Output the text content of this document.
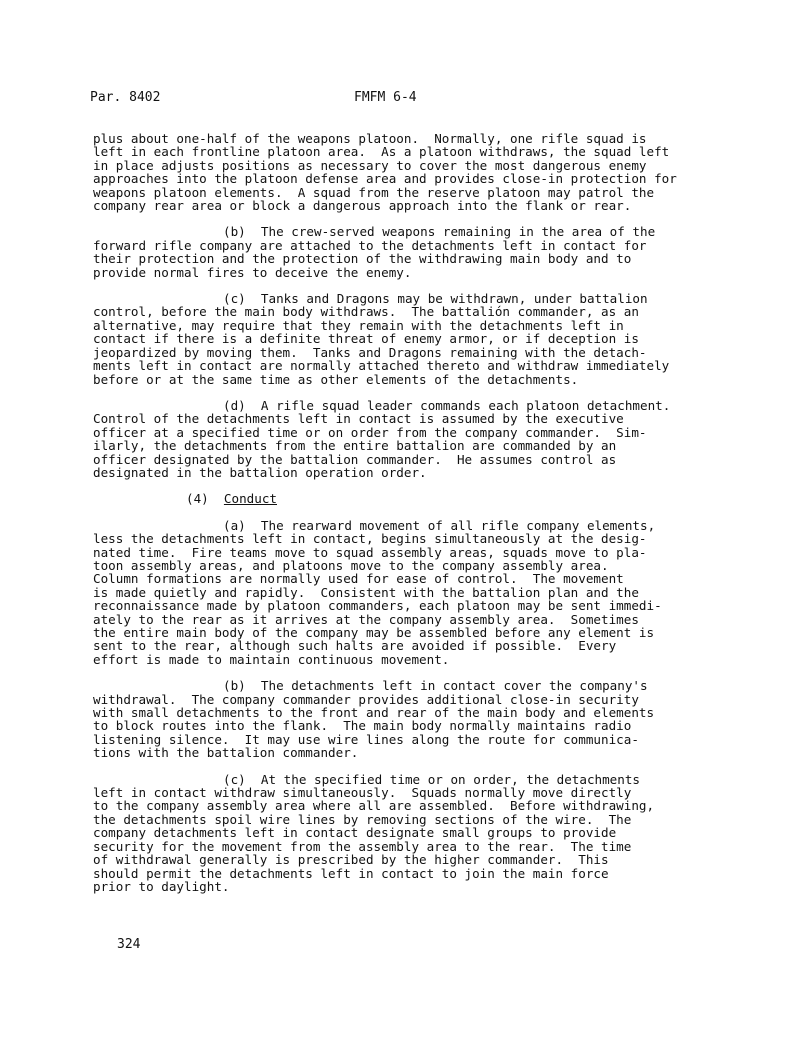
Par. 8402	FMFM 6-4

plus about one-half of the weapons platoon.  Normally, one rifle squad is
left in each frontline platoon area.  As a platoon withdraws, the squad left
in place adjusts positions as necessary to cover the most dangerous enemy
approaches into the platoon defense area and provides close-in protection for
weapons platoon elements.  A squad from the reserve platoon may patrol the
company rear area or block a dangerous approach into the flank or rear.

(b)  The crew-served weapons remaining in the area of the
forward rifle company are attached to the detachments left in contact for
their protection and the protection of the withdrawing main body and to
provide normal fires to deceive the enemy.

(c)  Tanks and Dragons may be withdrawn, under battalion
control, before the main body withdraws.  The battalión commander, as an
alternative, may require that they remain with the detachments left in
contact if there is a definite threat of enemy armor, or if deception is
jeopardized by moving them.  Tanks and Dragons remaining with the detach-
ments left in contact are normally attached thereto and withdraw immediately
before or at the same time as other elements of the detachments.

(d)  A rifle squad leader commands each platoon detachment.
Control of the detachments left in contact is assumed by the executive
officer at a specified time or on order from the company commander.  Sim-
ilarly, the detachments from the entire battalion are commanded by an
officer designated by the battalion commander.  He assumes control as
designated in the battalion operation order.

(4) Conduct

(a)  The rearward movement of all rifle company elements,
less the detachments left in contact, begins simultaneously at the desig-
nated time.  Fire teams move to squad assembly areas, squads move to pla-
toon assembly areas, and platoons move to the company assembly area.
Column formations are normally used for ease of control.  The movement
is made quietly and rapidly.  Consistent with the battalion plan and the
reconnaissance made by platoon commanders, each platoon may be sent immedi-
ately to the rear as it arrives at the company assembly area.  Sometimes
the entire main body of the company may be assembled before any element is
sent to the rear, although such halts are avoided if possible.  Every
effort is made to maintain continuous movement.

(b)  The detachments left in contact cover the company's
withdrawal.  The company commander provides additional close-in security
with small detachments to the front and rear of the main body and elements
to block routes into the flank.  The main body normally maintains radio
listening silence.  It may use wire lines along the route for communica-
tions with the battalion commander.

(c)  At the specified time or on order, the detachments
left in contact withdraw simultaneously.  Squads normally move directly
to the company assembly area where all are assembled.  Before withdrawing,
the detachments spoil wire lines by removing sections of the wire.  The
company detachments left in contact designate small groups to provide
security for the movement from the assembly area to the rear.  The time
of withdrawal generally is prescribed by the higher commander.  This
should permit the detachments left in contact to join the main force
prior to daylight.

324
